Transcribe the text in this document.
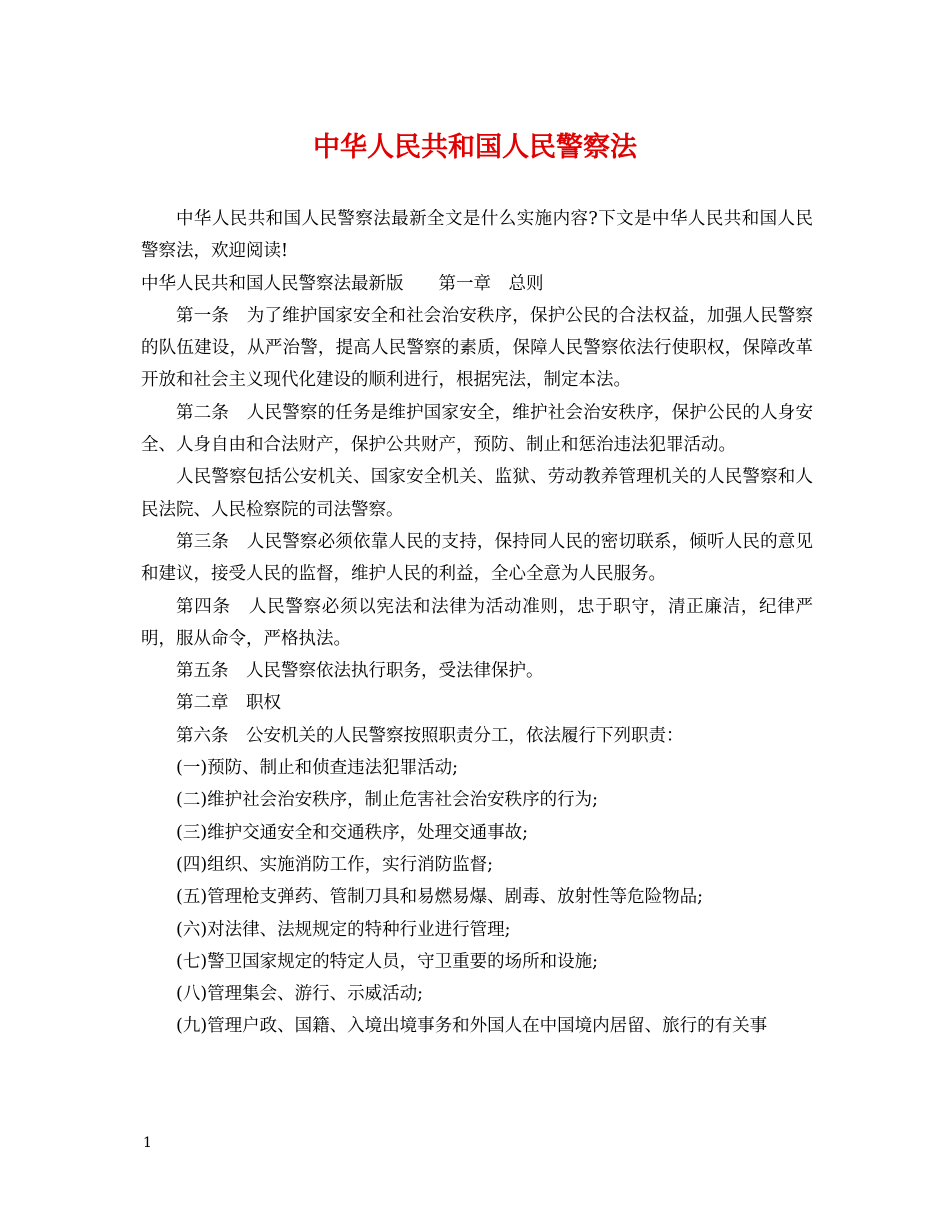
中华人民共和国人民警察法

中华人民共和国人民警察法最新全文是什么实施内容?下文是中华人民共和国人民警察法，欢迎阅读!

中华人民共和国人民警察法最新版　　第一章　总则

第一条　为了维护国家安全和社会治安秩序，保护公民的合法权益，加强人民警察的队伍建设，从严治警，提高人民警察的素质，保障人民警察依法行使职权，保障改革开放和社会主义现代化建设的顺利进行，根据宪法，制定本法。

第二条　人民警察的任务是维护国家安全，维护社会治安秩序，保护公民的人身安全、人身自由和合法财产，保护公共财产，预防、制止和惩治违法犯罪活动。

人民警察包括公安机关、国家安全机关、监狱、劳动教养管理机关的人民警察和人民法院、人民检察院的司法警察。

第三条　人民警察必须依靠人民的支持，保持同人民的密切联系，倾听人民的意见和建议，接受人民的监督，维护人民的利益，全心全意为人民服务。

第四条　人民警察必须以宪法和法律为活动准则，忠于职守，清正廉洁，纪律严明，服从命令，严格执法。

第五条　人民警察依法执行职务，受法律保护。

第二章　职权

第六条　公安机关的人民警察按照职责分工，依法履行下列职责：

(一)预防、制止和侦查违法犯罪活动;

(二)维护社会治安秩序，制止危害社会治安秩序的行为;

(三)维护交通安全和交通秩序，处理交通事故;

(四)组织、实施消防工作，实行消防监督;

(五)管理枪支弹药、管制刀具和易燃易爆、剧毒、放射性等危险物品;

(六)对法律、法规规定的特种行业进行管理;

(七)警卫国家规定的特定人员，守卫重要的场所和设施;

(八)管理集会、游行、示威活动;

(九)管理户政、国籍、入境出境事务和外国人在中国境内居留、旅行的有关事

1
